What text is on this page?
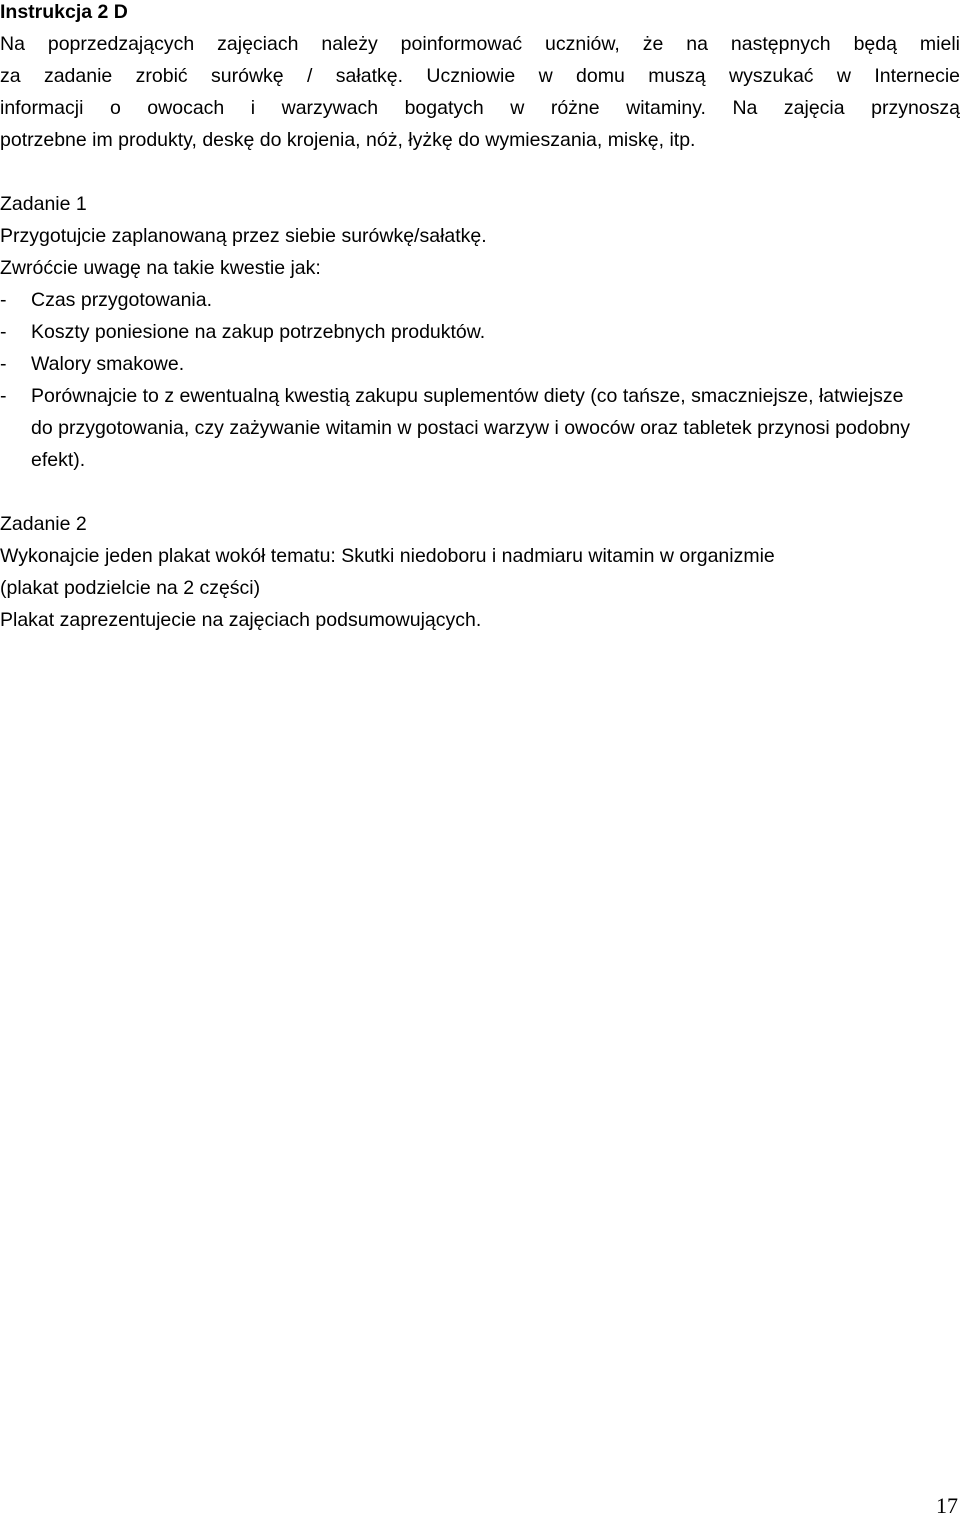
Instrukcja 2 D

Na poprzedzających zajęciach należy poinformować uczniów, że na następnych będą mieli
za zadanie zrobić surówkę / sałatkę. Uczniowie w domu muszą wyszukać w Internecie
informacji o owocach i warzywach bogatych w różne witaminy. Na zajęcia przynoszą
potrzebne im produkty, deskę do krojenia, nóż, łyżkę do wymieszania, miskę, itp.

Zadanie 1

Przygotujcie zaplanowaną przez siebie surówkę/sałatkę.

Zwróćcie uwagę na takie kwestie jak:

- Czas przygotowania.
- Koszty poniesione na zakup potrzebnych produktów.
- Walory smakowe.
- Porównajcie to z ewentualną kwestią zakupu suplementów diety (co tańsze, smaczniejsze, łatwiejsze do przygotowania, czy zażywanie witamin w postaci warzyw i owoców oraz tabletek przynosi podobny efekt).

Zadanie 2

Wykonajcie jeden plakat wokół tematu: Skutki niedoboru i nadmiaru witamin w organizmie

(plakat podzielcie na 2 części)

Plakat zaprezentujecie na zajęciach podsumowujących.

17
